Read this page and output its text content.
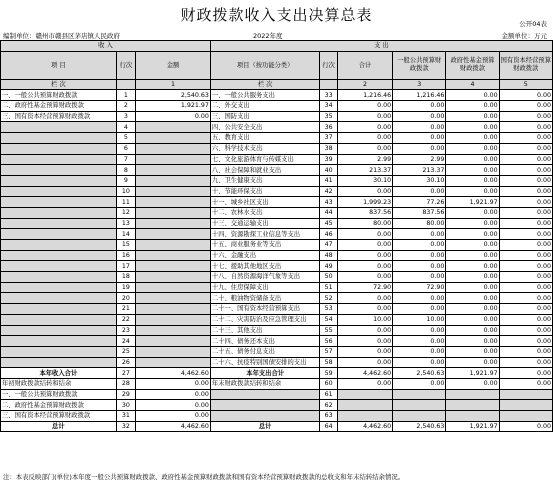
财政拨款收入支出决算总表	公开04表
编制单位：赣州市赣县区茅店镇人民政府	2022年度	金额单位：万元
收 入			支 出					
项 目	行次	金额	项目（按功能分类）	行次	合计	一般公共预算财政拨款	政府性基金预算财政拨款	国有资本经营预算财政拨款
栏 次		1	栏 次		2	3	4	5
一、一般公共预算财政拨款	1	2,540.63	一、一般公共服务支出	33	1,216.46	1,216.46	0.00	0.00
二、政府性基金预算财政拨款	2	1,921.97	二、外交支出	34	0.00	0.00	0.00	0.00
三、国有资本经营预算财政拨款	3	0.00	三、国防支出	35	0.00	0.00	0.00	0.00
	4		四、公共安全支出	36	0.00	0.00	0.00	0.00
	5		五、教育支出	37	0.00	0.00	0.00	0.00
	6		六、科学技术支出	38	0.00	0.00	0.00	0.00
	7		七、文化旅游体育与传媒支出	39	2.99	2.99	0.00	0.00
	8		八、社会保障和就业支出	40	213.37	213.37	0.00	0.00
	9		九、卫生健康支出	41	30.10	30.10	0.00	0.00
	10		十、节能环保支出	42	0.00	0.00	0.00	0.00
	11		十一、城乡社区支出	43	1,999.23	77.26	1,921.97	0.00
	12		十二、农林水支出	44	837.56	837.56	0.00	0.00
	13		十三、交通运输支出	45	80.00	80.00	0.00	0.00
	14		十四、资源勘探工业信息等支出	46	0.00	0.00	0.00	0.00
	15		十五、商业服务业等支出	47	0.00	0.00	0.00	0.00
	16		十六、金融支出	48	0.00	0.00	0.00	0.00
	17		十七、援助其他地区支出	49	0.00	0.00	0.00	0.00
	18		十八、自然资源海洋气象等支出	50	0.00	0.00	0.00	0.00
	19		十九、住房保障支出	51	72.90	72.90	0.00	0.00
	20		二十、粮油物资储备支出	52	0.00	0.00	0.00	0.00
	21		二十一、国有资本经营预算支出	53	0.00	0.00	0.00	0.00
	22		二十二、灾害防治及应急管理支出	54	10.00	10.00	0.00	0.00
	23		二十三、其他支出	55	0.00	0.00	0.00	0.00
	24		二十四、债务还本支出	56	0.00	0.00	0.00	0.00
	25		二十五、债务付息支出	57	0.00	0.00	0.00	0.00
	26		二十六、抗疫特别国债安排的支出	58	0.00	0.00	0.00	0.00
本年收入合计	27	4,462.60	本年支出合计	59	4,462.60	2,540.63	1,921.97	0.00
年初财政拨款结转和结余	28	0.00	年末财政拨款结转和结余	60	0.00	0.00	0.00	0.00
一、一般公共预算财政拨款	29	0.00		61				
二、政府性基金预算财政拨款	30	0.00		62				
三、国有资本经营预算财政拨款	31	0.00		63				
总计	32	4,462.60	总计	64	4,462.60	2,540.63	1,921.97	0.00
注：本表反映部门(单位)本年度一般公共预算财政拨款、政府性基金预算财政拨款和国有资本经营预算财政拨款的总收支和年末结转结余情况。
